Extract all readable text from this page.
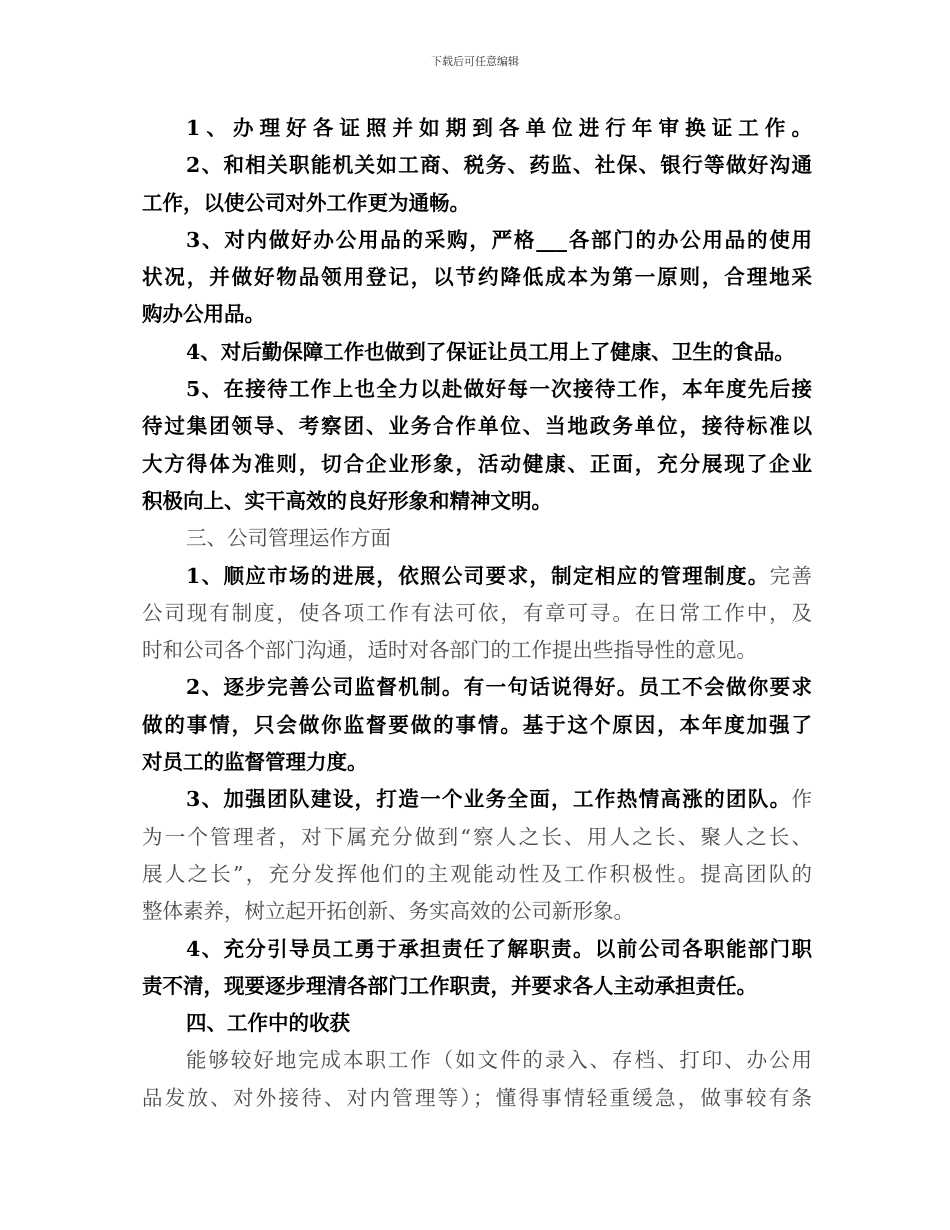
下载后可任意编辑
1、办理好各证照并如期到各单位进行年审换证工作。
2、和相关职能机关如工商、税务、药监、社保、银行等做好沟通
工作，以使公司对外工作更为通畅。
3、对内做好办公用品的采购，严格___各部门的办公用品的使用
状况，并做好物品领用登记，以节约降低成本为第一原则，合理地采
购办公用品。
4、对后勤保障工作也做到了保证让员工用上了健康、卫生的食品。
5、在接待工作上也全力以赴做好每一次接待工作，本年度先后接
待过集团领导、考察团、业务合作单位、当地政务单位，接待标准以
大方得体为准则，切合企业形象，活动健康、正面，充分展现了企业
积极向上、实干高效的良好形象和精神文明。
三、公司管理运作方面
1、顺应市场的进展，依照公司要求，制定相应的管理制度。完善
公司现有制度，使各项工作有法可依，有章可寻。在日常工作中，及
时和公司各个部门沟通，适时对各部门的工作提出些指导性的意见。
2、逐步完善公司监督机制。有一句话说得好。员工不会做你要求
做的事情，只会做你监督要做的事情。基于这个原因，本年度加强了
对员工的监督管理力度。
3、加强团队建设，打造一个业务全面，工作热情高涨的团队。作
为一个管理者，对下属充分做到“察人之长、用人之长、聚人之长、
展人之长”，充分发挥他们的主观能动性及工作积极性。提高团队的
整体素养，树立起开拓创新、务实高效的公司新形象。
4、充分引导员工勇于承担责任了解职责。以前公司各职能部门职
责不清，现要逐步理清各部门工作职责，并要求各人主动承担责任。
四、工作中的收获
能够较好地完成本职工作（如文件的录入、存档、打印、办公用
品发放、对外接待、对内管理等）；懂得事情轻重缓急，做事较有条
